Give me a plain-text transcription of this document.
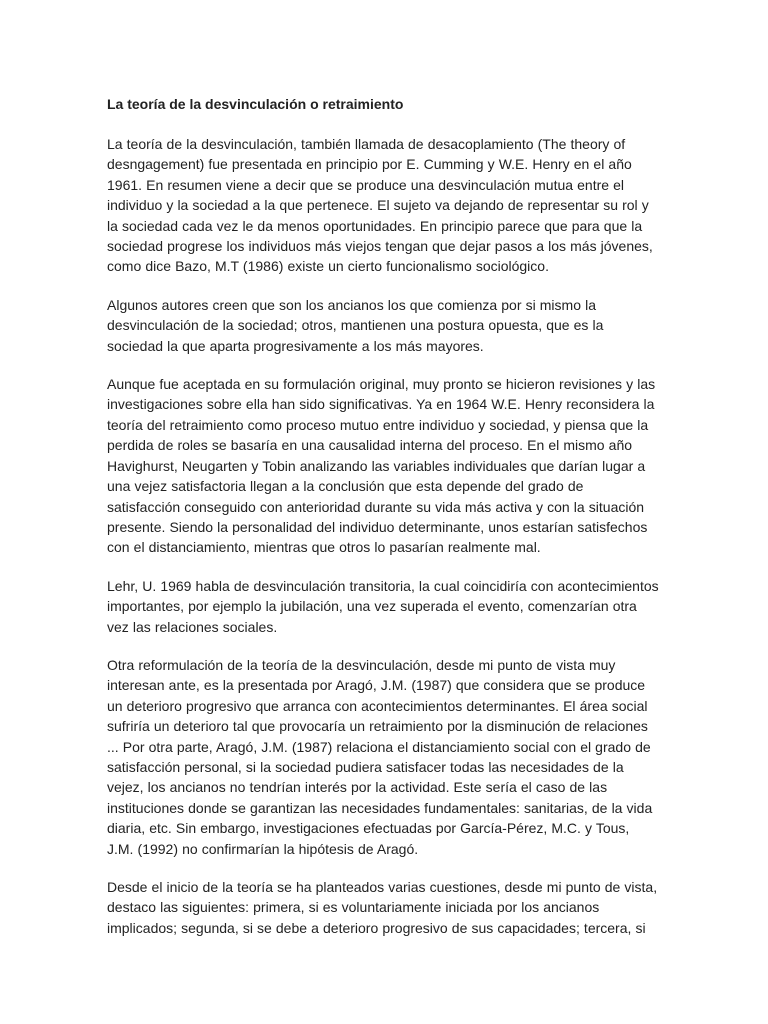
La teoría de la desvinculación o retraimiento

La teoría de la desvinculación, también llamada de desacoplamiento (The theory of desngagement) fue presentada en principio por E. Cumming y W.E. Henry en el año 1961. En resumen viene a decir que se produce una desvinculación mutua entre el individuo y la sociedad a la que pertenece. El sujeto va dejando de representar su rol y la sociedad cada vez le da menos oportunidades. En principio parece que para que la sociedad progrese los individuos más viejos tengan que dejar pasos a los más jóvenes, como dice Bazo, M.T (1986) existe un cierto funcionalismo sociológico.

Algunos autores creen que son los ancianos los que comienza por si mismo la desvinculación de la sociedad; otros, mantienen una postura opuesta, que es la sociedad la que aparta progresivamente a los más mayores.

Aunque fue aceptada en su formulación original, muy pronto se hicieron revisiones y las investigaciones sobre ella han sido significativas. Ya en 1964 W.E. Henry reconsidera la teoría del retraimiento como proceso mutuo entre individuo y sociedad, y piensa que la perdida de roles se basaría en una causalidad interna del proceso. En el mismo año Havighurst, Neugarten y Tobin analizando las variables individuales que darían lugar a una vejez satisfactoria llegan a la conclusión que esta depende del grado de satisfacción conseguido con anterioridad durante su vida más activa y con la situación presente. Siendo la personalidad del individuo determinante, unos estarían satisfechos con el distanciamiento, mientras que otros lo pasarían realmente mal.

Lehr, U. 1969 habla de desvinculación transitoria, la cual coincidiría con acontecimientos importantes, por ejemplo la jubilación, una vez superada el evento, comenzarían otra vez las relaciones sociales.

Otra reformulación de la teoría de la desvinculación, desde mi punto de vista muy interesan ante, es la presentada por Aragó, J.M. (1987) que considera que se produce un deterioro progresivo que arranca con acontecimientos determinantes. El área social sufriría un deterioro tal que provocaría un retraimiento por la disminución de relaciones ... Por otra parte, Aragó, J.M. (1987) relaciona el distanciamiento social con el grado de satisfacción personal, si la sociedad pudiera satisfacer todas las necesidades de la vejez, los ancianos no tendrían interés por la actividad. Este sería el caso de las instituciones donde se garantizan las necesidades fundamentales: sanitarias, de la vida diaria, etc. Sin embargo, investigaciones efectuadas por García-Pérez, M.C. y Tous, J.M. (1992) no confirmarían la hipótesis de Aragó.

Desde el inicio de la teoría se ha planteados varias cuestiones, desde mi punto de vista, destaco las siguientes: primera, si es voluntariamente iniciada por los ancianos implicados; segunda, si se debe a deterioro progresivo de sus capacidades; tercera, si
